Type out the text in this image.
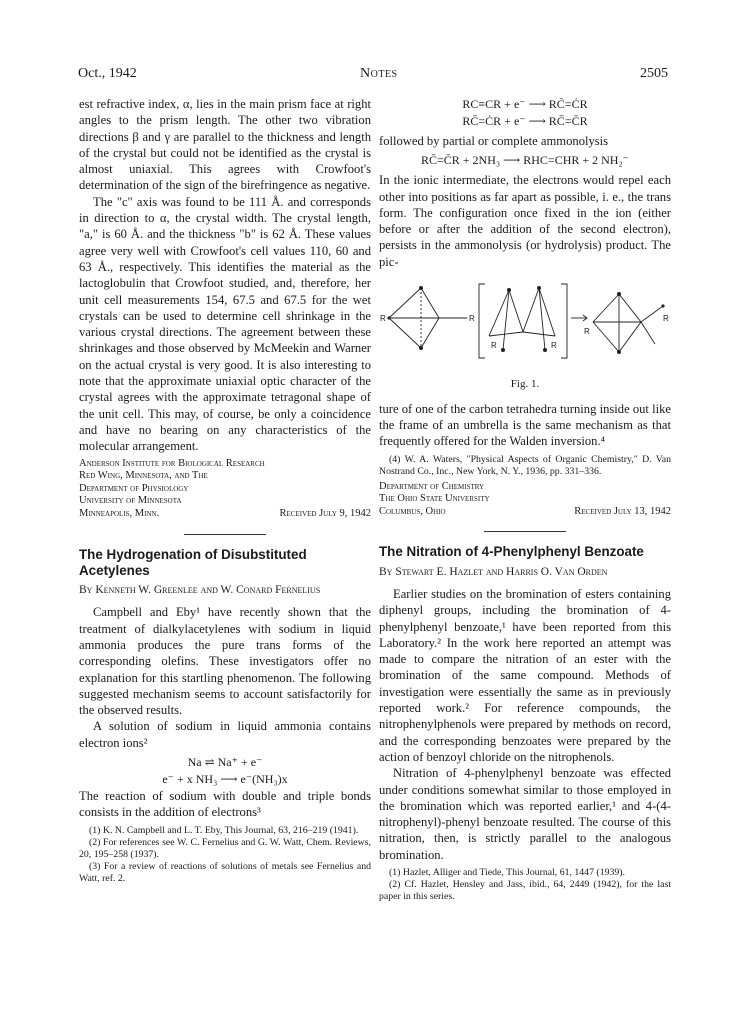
Oct., 1942	Notes	2505

est refractive index, α, lies in the main prism face at right angles to the prism length. The other two vibration directions β and γ are parallel to the thickness and length of the crystal but could not be identified as the crystal is almost uniaxial. This agrees with Crowfoot's determination of the sign of the birefringence as negative.

The "c" axis was found to be 111 Å. and corresponds in direction to α, the crystal width. The crystal length, "a," is 60 Å. and the thickness "b" is 62 Å. These values agree very well with Crowfoot's cell values 110, 60 and 63 Å., respectively. This identifies the material as the lactoglobulin that Crowfoot studied, and, therefore, her unit cell measurements 154, 67.5 and 67.5 for the wet crystals can be used to determine cell shrinkage in the various crystal directions. The agreement between these shrinkages and those observed by McMeekin and Warner on the actual crystal is very good. It is also interesting to note that the approximate uniaxial optic character of the crystal agrees with the approximate tetragonal shape of the unit cell. This may, of course, be only a coincidence and have no bearing on any characteristics of the molecular arrangement.

Anderson Institute for Biological Research
Red Wing, Minnesota, and The
Department of Physiology
University of Minnesota
Minneapolis, Minn.	Received July 9, 1942
The Hydrogenation of Disubstituted Acetylenes
By Kenneth W. Greenlee and W. Conard Fernelius

Campbell and Eby¹ have recently shown that the treatment of dialkylacetylenes with sodium in liquid ammonia produces the pure trans forms of the corresponding olefins. These investigators offer no explanation for this startling phenomenon. The following suggested mechanism seems to account satisfactorily for the observed results.

A solution of sodium in liquid ammonia contains electron ions²

Na ⇌ Na⁺ + e⁻
e⁻ + x NH₃ ⟶ e⁻(NH₃)x

The reaction of sodium with double and triple bonds consists in the addition of electrons³

(1) K. N. Campbell and L. T. Eby, This Journal, 63, 216–219 (1941).

(2) For references see W. C. Fernelius and G. W. Watt, Chem. Reviews, 20, 195–258 (1937).

(3) For a review of reactions of solutions of metals see Fernelius and Watt, ref. 2.

RC≡CR + e⁻ ⟶ RC̄=ĊR
RC̄=ĊR + e⁻ ⟶ RC̄=C̄R

followed by partial or complete ammonolysis

RC̄=C̄R + 2NH₃ ⟶ RHC=CHR + 2 NH₂⁻

In the ionic intermediate, the electrons would repel each other into positions as far apart as possible, i. e., the trans form. The configuration once fixed in the ion (either before or after the addition of the second electron), persists in the ammonolysis (or hydrolysis) product. The pic-

R	R
R	R
R
R
Fig. 1.

ture of one of the carbon tetrahedra turning inside out like the frame of an umbrella is the same mechanism as that frequently offered for the Walden inversion.⁴

(4) W. A. Waters, "Physical Aspects of Organic Chemistry," D. Van Nostrand Co., Inc., New York, N. Y., 1936, pp. 331–336.

Department of Chemistry
The Ohio State University
Columbus, Ohio	Received July 13, 1942
The Nitration of 4-Phenylphenyl Benzoate
By Stewart E. Hazlet and Harris O. Van Orden

Earlier studies on the bromination of esters containing diphenyl groups, including the bromination of 4-phenylphenyl benzoate,¹ have been reported from this Laboratory.² In the work here reported an attempt was made to compare the nitration of an ester with the bromination of the same compound. Methods of investigation were essentially the same as in previously reported work.² For reference compounds, the nitrophenylphenols were prepared by methods on record, and the corresponding benzoates were prepared by the action of benzoyl chloride on the nitrophenols.

Nitration of 4-phenylphenyl benzoate was effected under conditions somewhat similar to those employed in the bromination which was reported earlier,¹ and 4-(4-nitrophenyl)-phenyl benzoate resulted. The course of this nitration, then, is strictly parallel to the analogous bromination.

(1) Hazlet, Alliger and Tiede, This Journal, 61, 1447 (1939).

(2) Cf. Hazlet, Hensley and Jass, ibid., 64, 2449 (1942), for the last paper in this series.
